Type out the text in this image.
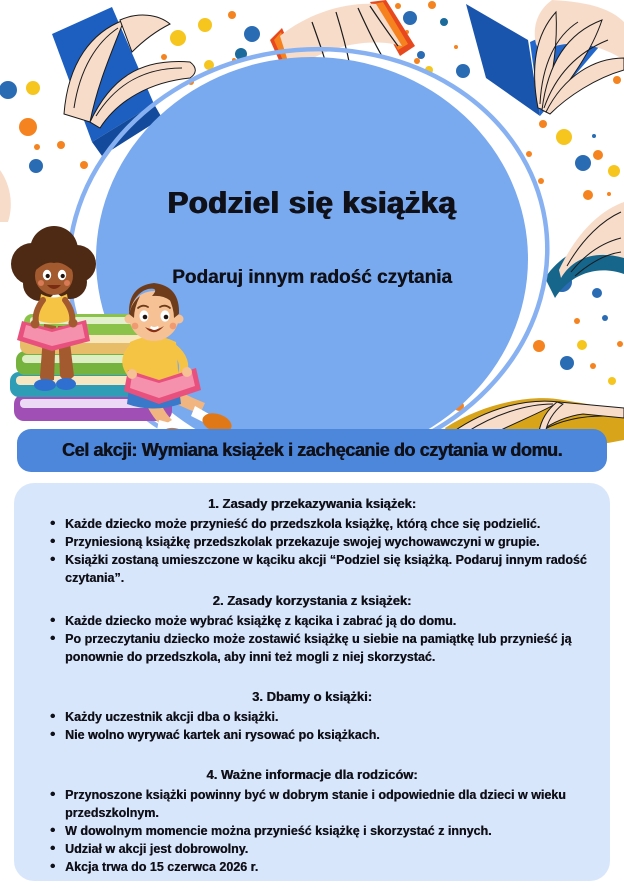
Podziel się książką
Podaruj innym radość czytania
Cel akcji: Wymiana książek i zachęcanie do czytania w domu.
1. Zasady przekazywania książek:
• Każde dziecko może przynieść do przedszkola książkę, którą chce się podzielić.
• Przyniesioną książkę przedszkolak przekazuje swojej wychowawczyni w grupie.
• Książki zostaną umieszczone w kąciku akcji “Podziel się książką. Podaruj innym radość czytania”.
2. Zasady korzystania z książek:
• Każde dziecko może wybrać książkę z kącika i zabrać ją do domu.
• Po przeczytaniu dziecko może zostawić książkę u siebie na pamiątkę lub przynieść ją ponownie do przedszkola, aby inni też mogli z niej skorzystać.
3. Dbamy o książki:
• Każdy uczestnik akcji dba o książki.
• Nie wolno wyrywać kartek ani rysować po książkach.
4. Ważne informacje dla rodziców:
• Przynoszone książki powinny być w dobrym stanie i odpowiednie dla dzieci w wieku przedszkolnym.
• W dowolnym momencie można przynieść książkę i skorzystać z innych.
• Udział w akcji jest dobrowolny.
• Akcja trwa do 15 czerwca 2026 r.
